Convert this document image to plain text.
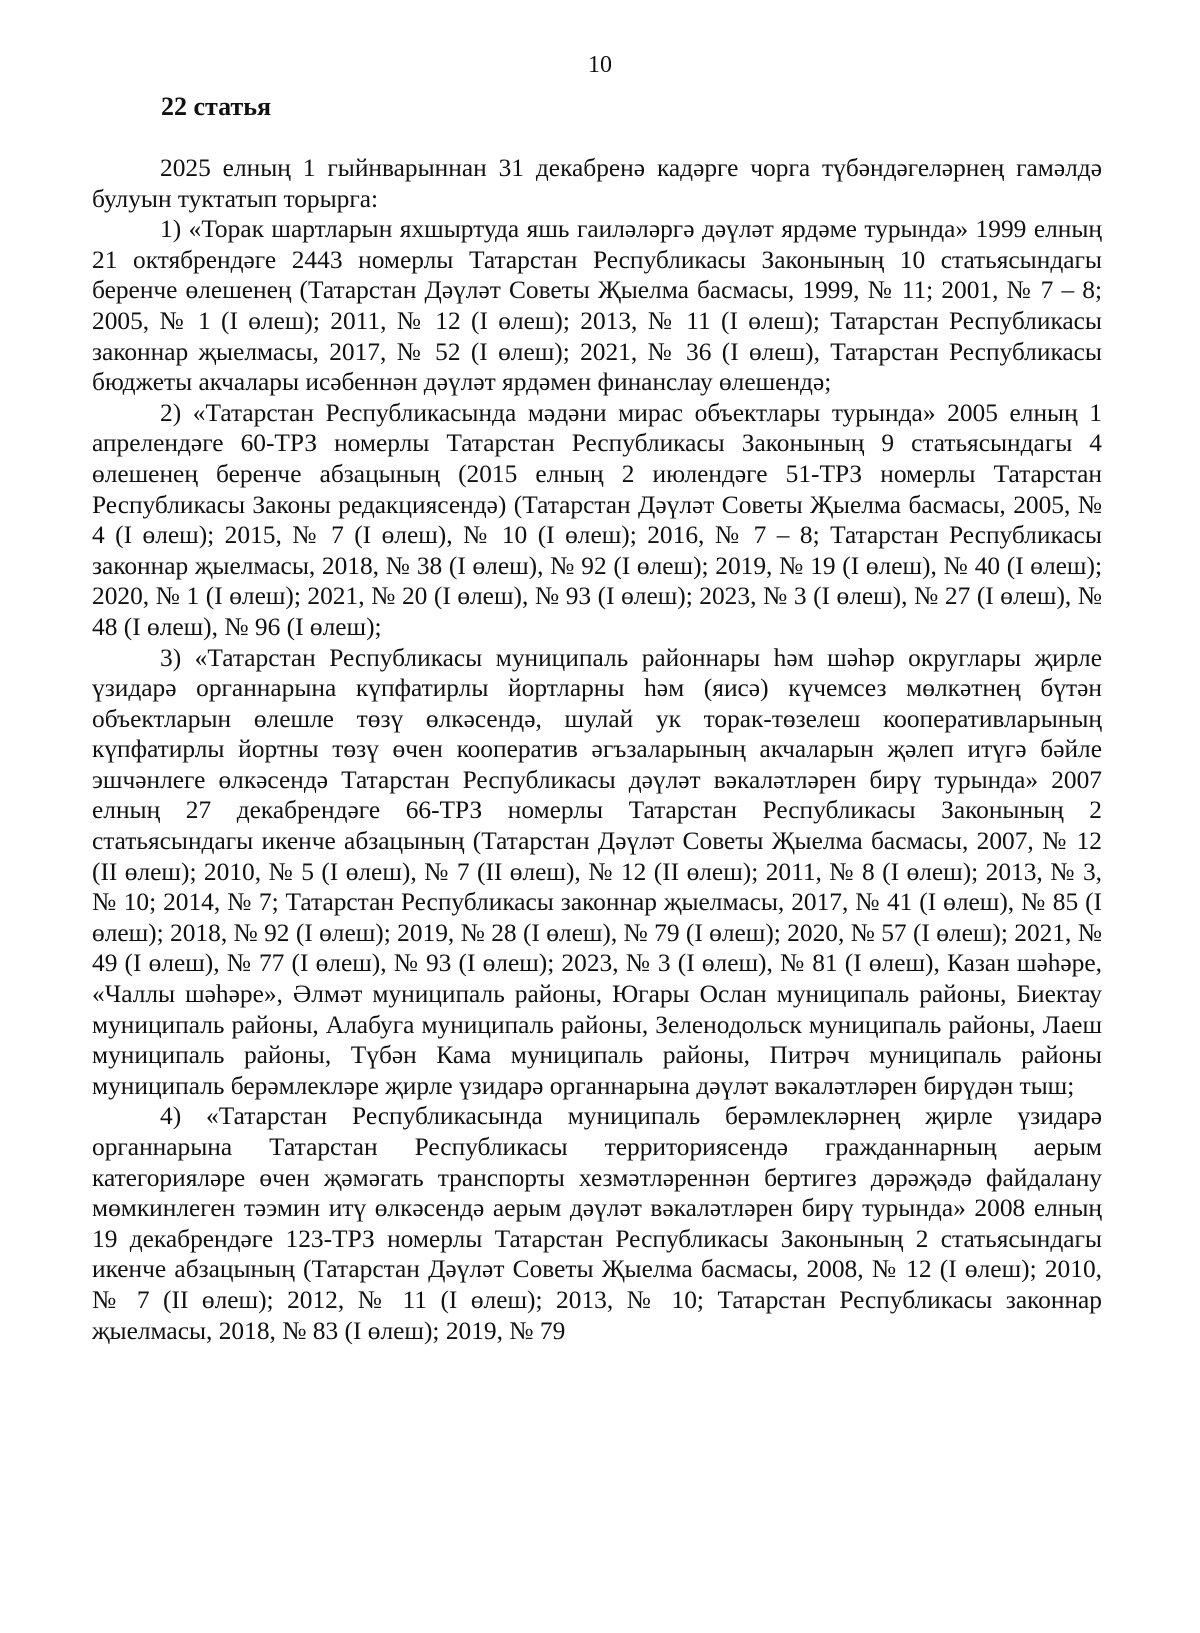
10
22 статья

2025 елның 1 гыйнварыннан 31 декабренә кадәрге чорга түбәндәгеләрнең гамәлдә булуын туктатып торырга:

1) «Торак шартларын яхшыртуда яшь гаиләләргә дәүләт ярдәме турында» 1999 елның 21 октябрендәге 2443 номерлы Татарстан Республикасы Законының 10 статьясындагы беренче өлешенең (Татарстан Дәүләт Советы Җыелма басмасы, 1999, № 11; 2001, № 7 – 8; 2005, № 1 (I өлеш); 2011, № 12 (I өлеш); 2013, № 11 (I өлеш); Татарстан Республикасы законнар җыелмасы, 2017, № 52 (I өлеш); 2021, № 36 (I өлеш), Татарстан Республикасы бюджеты акчалары исәбеннән дәүләт ярдәмен финанслау өлешендә;

2) «Татарстан Республикасында мәдәни мирас объектлары турында» 2005 елның 1 апрелендәге 60-ТРЗ номерлы Татарстан Республикасы Законының 9 статьясындагы 4 өлешенең беренче абзацының (2015 елның 2 июлендәге 51-ТРЗ номерлы Татарстан Республикасы Законы редакциясендә) (Татарстан Дәүләт Советы Җыелма басмасы, 2005, № 4 (I өлеш); 2015, № 7 (I өлеш), № 10 (I өлеш); 2016, № 7 – 8; Татарстан Республикасы законнар җыелмасы, 2018, № 38 (I өлеш), № 92 (I өлеш); 2019, № 19 (I өлеш), № 40 (I өлеш); 2020, № 1 (I өлеш); 2021, № 20 (I өлеш), № 93 (I өлеш); 2023, № 3 (I өлеш), № 27 (I өлеш), № 48 (I өлеш), № 96 (I өлеш);

3) «Татарстан Республикасы муниципаль районнары һәм шәһәр округлары җирле үзидарә органнарына күпфатирлы йортларны һәм (яисә) күчемсез мөлкәтнең бүтән объектларын өлешле төзү өлкәсендә, шулай ук торак-төзелеш кооперативларының күпфатирлы йортны төзү өчен кооператив әгъзаларының акчаларын җәлеп итүгә бәйле эшчәнлеге өлкәсендә Татарстан Республикасы дәүләт вәкаләтләрен бирү турында» 2007 елның 27 декабрендәге 66-ТРЗ номерлы Татарстан Республикасы Законының 2 статьясындагы икенче абзацының (Татарстан Дәүләт Советы Җыелма басмасы, 2007, № 12 (II өлеш); 2010, № 5 (I өлеш), № 7 (II өлеш), № 12 (II өлеш); 2011, № 8 (I өлеш); 2013, № 3, № 10; 2014, № 7; Татарстан Республикасы законнар җыелмасы, 2017, № 41 (I өлеш), № 85 (I өлеш); 2018, № 92 (I өлеш); 2019, № 28 (I өлеш), № 79 (I өлеш); 2020, № 57 (I өлеш); 2021, № 49 (I өлеш), № 77 (I өлеш), № 93 (I өлеш); 2023, № 3 (I өлеш), № 81 (I өлеш), Казан шәһәре, «Чаллы шәһәре», Әлмәт муниципаль районы, Югары Ослан муниципаль районы, Биектау муниципаль районы, Алабуга муниципаль районы, Зеленодольск муниципаль районы, Лаеш муниципаль районы, Түбән Кама муниципаль районы, Питрәч муниципаль районы муниципаль берәмлекләре җирле үзидарә органнарына дәүләт вәкаләтләрен бирүдән тыш;

4) «Татарстан Республикасында муниципаль берәмлекләрнең җирле үзидарә органнарына Татарстан Республикасы территориясендә гражданнарның аерым категорияләре өчен җәмәгать транспорты хезмәтләреннән бертигез дәрәҗәдә файдалану мөмкинлеген тәэмин итү өлкәсендә аерым дәүләт вәкаләтләрен бирү турында» 2008 елның 19 декабрендәге 123-ТРЗ номерлы Татарстан Республикасы Законының 2 статьясындагы икенче абзацының (Татарстан Дәүләт Советы Җыелма басмасы, 2008, № 12 (I өлеш); 2010, № 7 (II өлеш); 2012, № 11 (I өлеш); 2013, № 10; Татарстан Республикасы законнар җыелмасы, 2018, № 83 (I өлеш); 2019, № 79
